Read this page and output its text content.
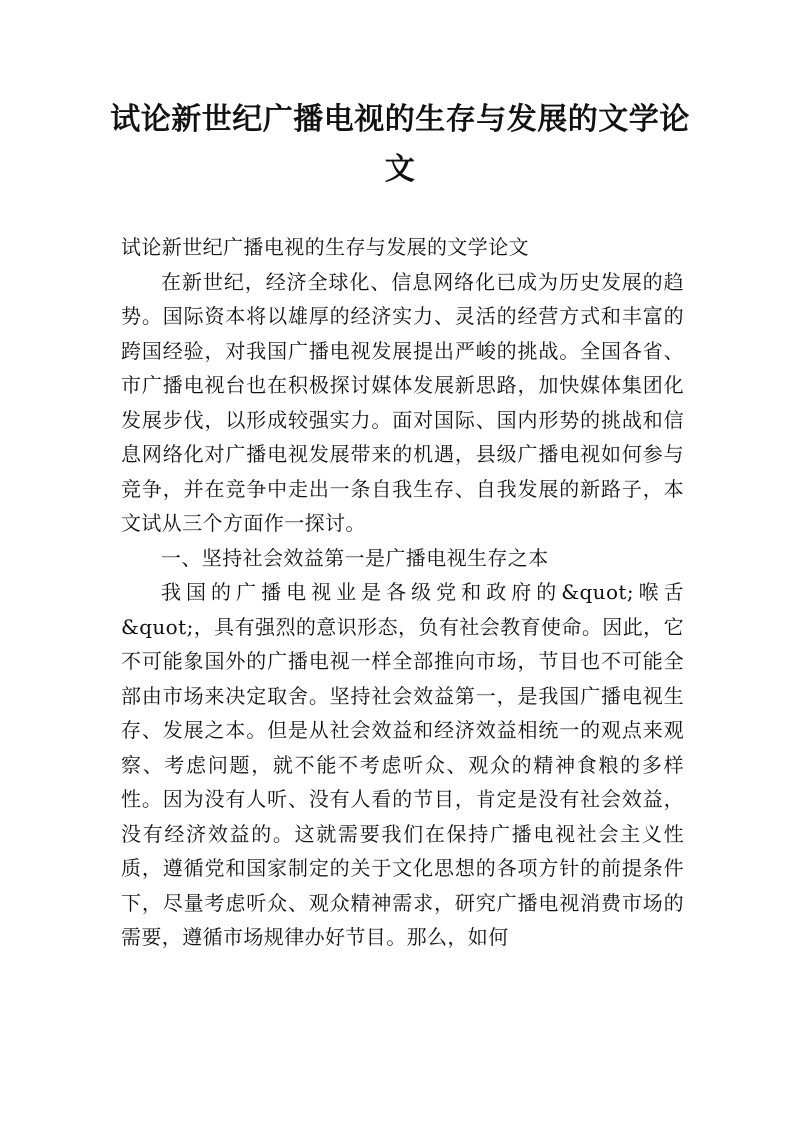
试论新世纪广播电视的生存与发展的文学论文

试论新世纪广播电视的生存与发展的文学论文

在新世纪，经济全球化、信息网络化已成为历史发展的趋势。国际资本将以雄厚的经济实力、灵活的经营方式和丰富的跨国经验，对我国广播电视发展提出严峻的挑战。全国各省、市广播电视台也在积极探讨媒体发展新思路，加快媒体集团化发展步伐，以形成较强实力。面对国际、国内形势的挑战和信息网络化对广播电视发展带来的机遇，县级广播电视如何参与竞争，并在竞争中走出一条自我生存、自我发展的新路子，本文试从三个方面作一探讨。

一、坚持社会效益第一是广播电视生存之本

我国的广播电视业是各级党和政府的&quot;喉舌&quot;，具有强烈的意识形态，负有社会教育使命。因此，它不可能象国外的广播电视一样全部推向市场，节目也不可能全部由市场来决定取舍。坚持社会效益第一，是我国广播电视生存、发展之本。但是从社会效益和经济效益相统一的观点来观察、考虑问题，就不能不考虑听众、观众的精神食粮的多样性。因为没有人听、没有人看的节目，肯定是没有社会效益，没有经济效益的。这就需要我们在保持广播电视社会主义性质，遵循党和国家制定的关于文化思想的各项方针的前提条件下，尽量考虑听众、观众精神需求，研究广播电视消费市场的需要，遵循市场规律办好节目。那么，如何
